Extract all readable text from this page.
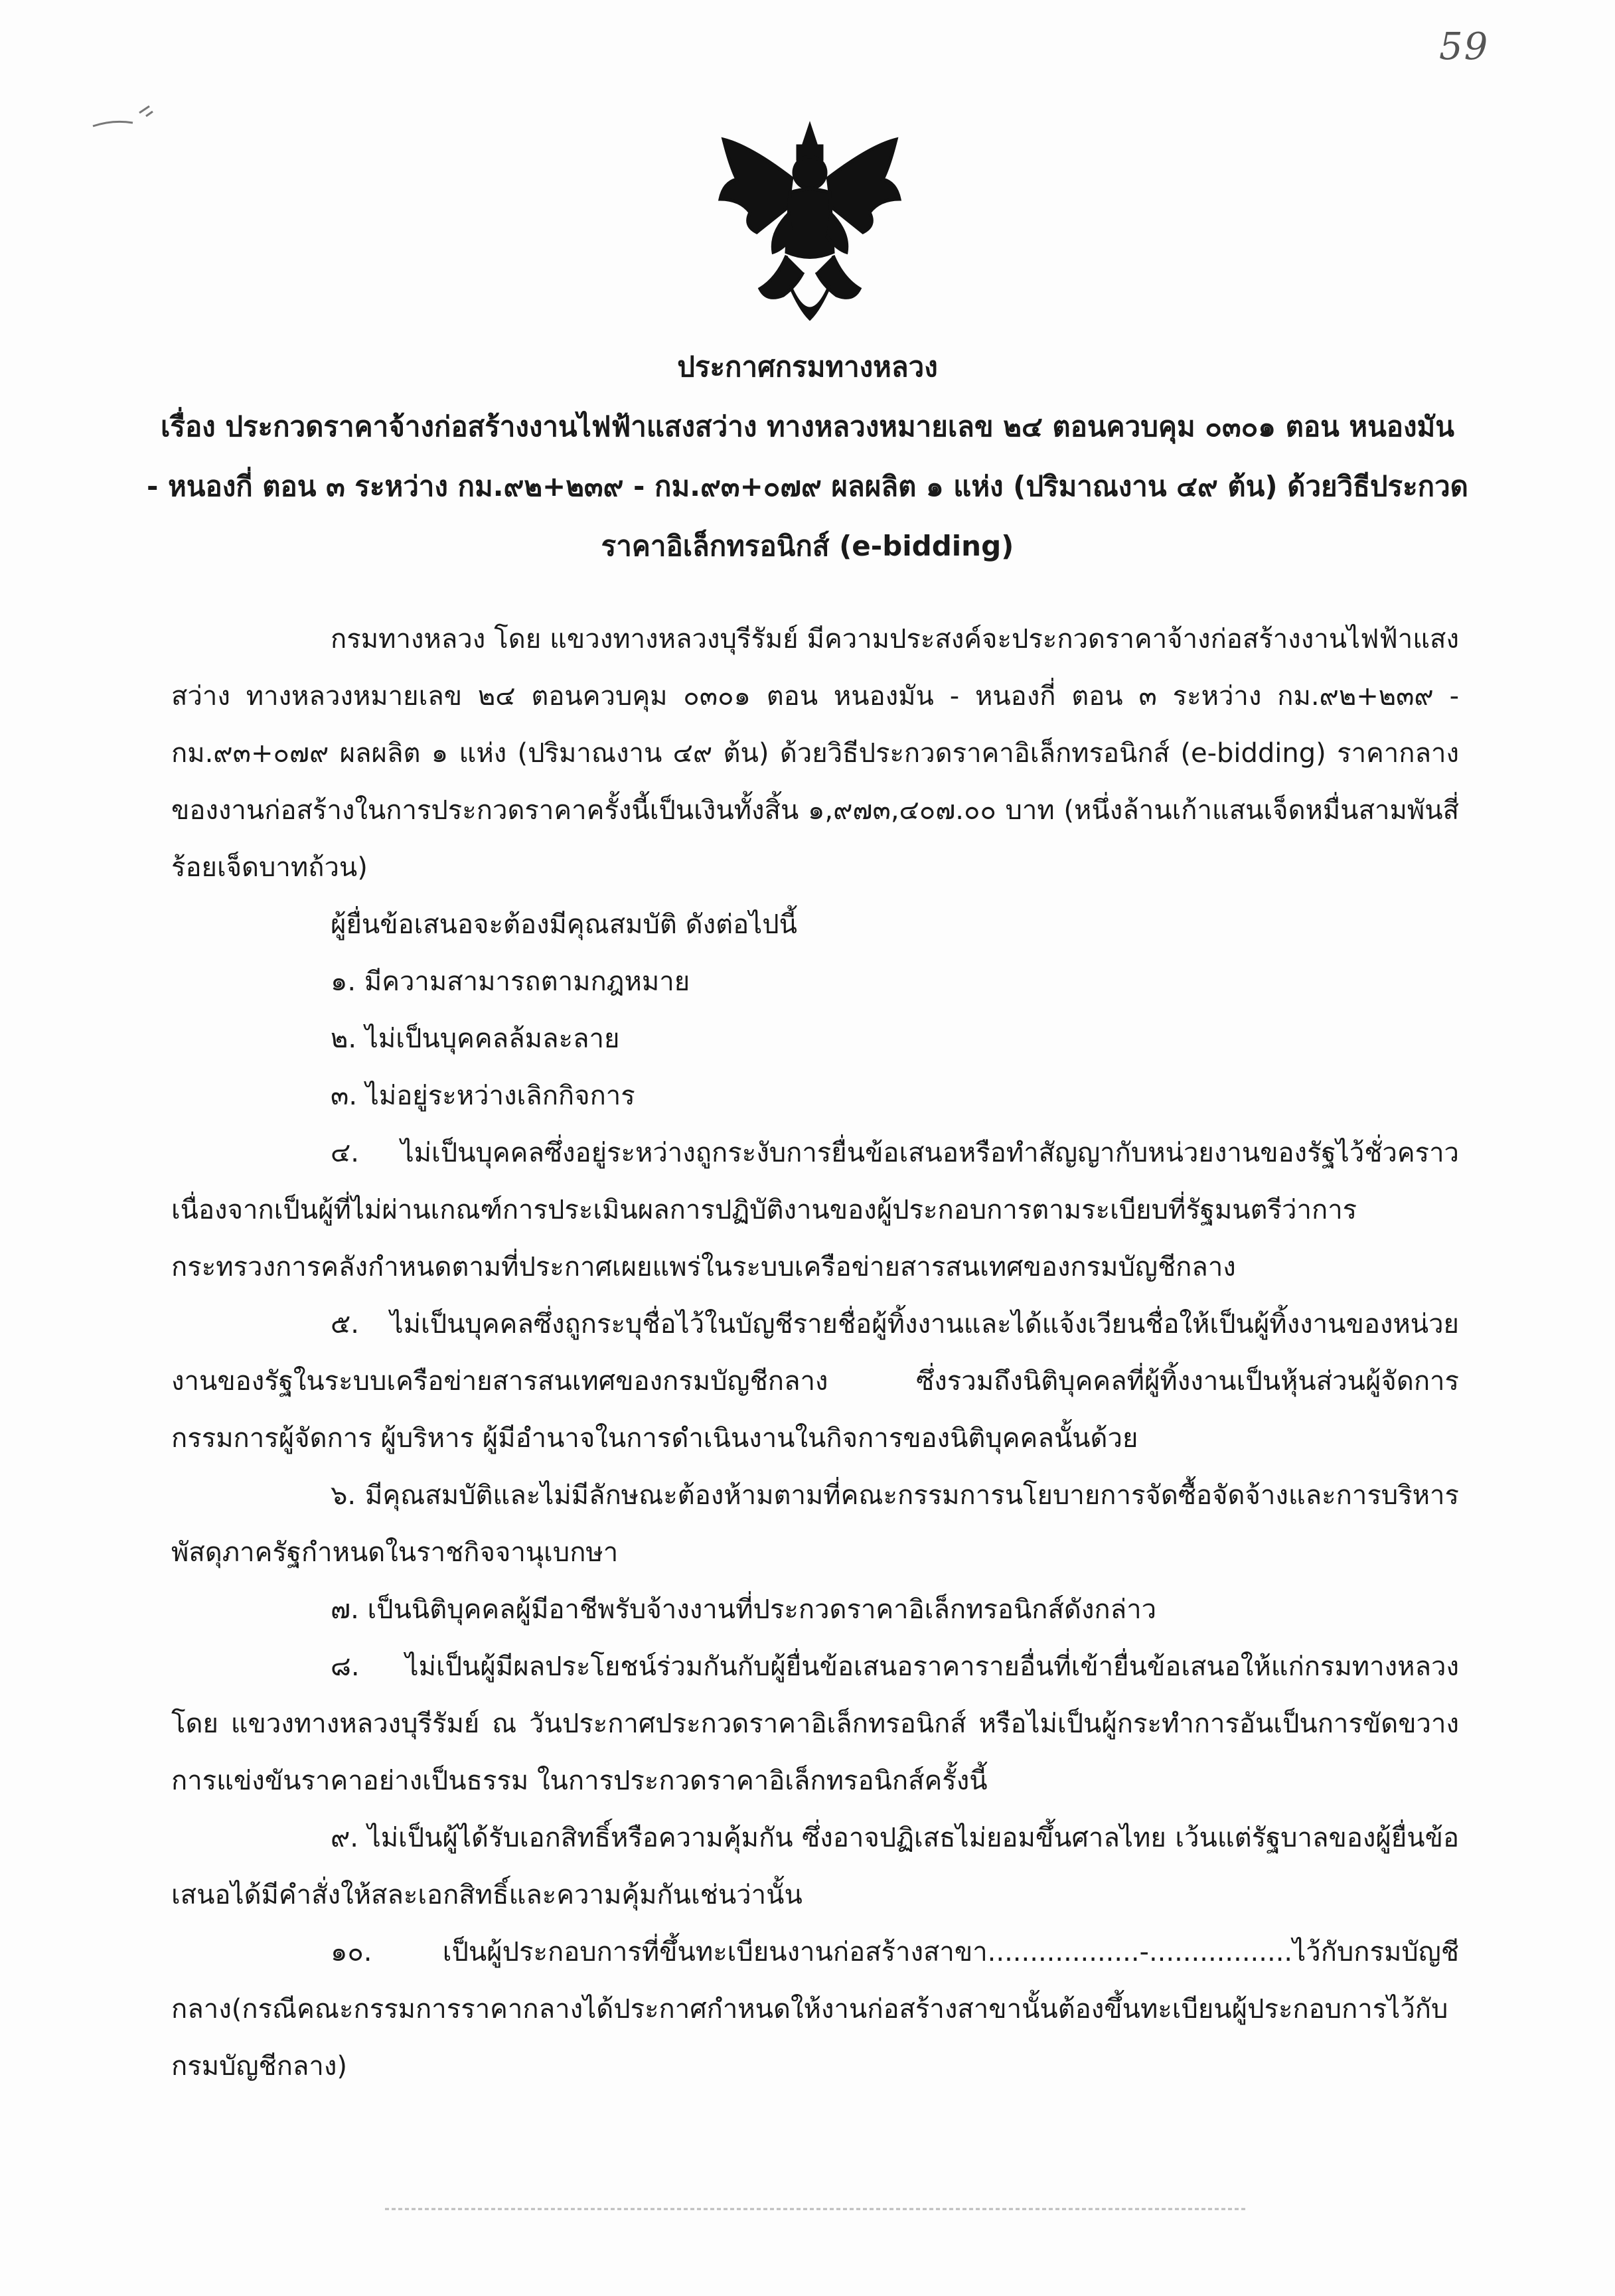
59
ประกาศกรมทางหลวง
เรื่อง ประกวดราคาจ้างก่อสร้างงานไฟฟ้าแสงสว่าง ทางหลวงหมายเลข ๒๔ ตอนควบคุม ๐๓๐๑ ตอน หนองมัน
- หนองกี่ ตอน ๓ ระหว่าง กม.๙๒+๒๓๙ - กม.๙๓+๐๗๙ ผลผลิต ๑ แห่ง (ปริมาณงาน ๔๙ ต้น) ด้วยวิธีประกวด
ราคาอิเล็กทรอนิกส์ (e-bidding)

กรมทางหลวง โดย แขวงทางหลวงบุรีรัมย์ มีความประสงค์จะประกวดราคาจ้างก่อสร้างงานไฟฟ้าแสงสว่าง ทางหลวงหมายเลข ๒๔ ตอนควบคุม ๐๓๐๑ ตอน หนองมัน - หนองกี่ ตอน ๓ ระหว่าง กม.๙๒+๒๓๙ - กม.๙๓+๐๗๙ ผลผลิต ๑ แห่ง (ปริมาณงาน ๔๙ ต้น) ด้วยวิธีประกวดราคาอิเล็กทรอนิกส์ (e-bidding) ราคากลางของงานก่อสร้างในการประกวดราคาครั้งนี้เป็นเงินทั้งสิ้น ๑,๙๗๓,๔๐๗.๐๐ บาท (หนึ่งล้านเก้าแสนเจ็ดหมื่นสามพันสี่ร้อยเจ็ดบาทถ้วน)

ผู้ยื่นข้อเสนอจะต้องมีคุณสมบัติ ดังต่อไปนี้

๑. มีความสามารถตามกฎหมาย

๒. ไม่เป็นบุคคลล้มละลาย

๓. ไม่อยู่ระหว่างเลิกกิจการ

๔. ไม่เป็นบุคคลซึ่งอยู่ระหว่างถูกระงับการยื่นข้อเสนอหรือทำสัญญากับหน่วยงานของรัฐไว้ชั่วคราว เนื่องจากเป็นผู้ที่ไม่ผ่านเกณฑ์การประเมินผลการปฏิบัติงานของผู้ประกอบการตามระเบียบที่รัฐมนตรีว่าการกระทรวงการคลังกำหนดตามที่ประกาศเผยแพร่ในระบบเครือข่ายสารสนเทศของกรมบัญชีกลาง

๕. ไม่เป็นบุคคลซึ่งถูกระบุชื่อไว้ในบัญชีรายชื่อผู้ทิ้งงานและได้แจ้งเวียนชื่อให้เป็นผู้ทิ้งงานของหน่วยงานของรัฐในระบบเครือข่ายสารสนเทศของกรมบัญชีกลาง ซึ่งรวมถึงนิติบุคคลที่ผู้ทิ้งงานเป็นหุ้นส่วนผู้จัดการ กรรมการผู้จัดการ ผู้บริหาร ผู้มีอำนาจในการดำเนินงานในกิจการของนิติบุคคลนั้นด้วย

๖. มีคุณสมบัติและไม่มีลักษณะต้องห้ามตามที่คณะกรรมการนโยบายการจัดซื้อจัดจ้างและการบริหารพัสดุภาครัฐกำหนดในราชกิจจานุเบกษา

๗. เป็นนิติบุคคลผู้มีอาชีพรับจ้างงานที่ประกวดราคาอิเล็กทรอนิกส์ดังกล่าว

๘. ไม่เป็นผู้มีผลประโยชน์ร่วมกันกับผู้ยื่นข้อเสนอราคารายอื่นที่เข้ายื่นข้อเสนอให้แก่กรมทางหลวง โดย แขวงทางหลวงบุรีรัมย์ ณ วันประกาศประกวดราคาอิเล็กทรอนิกส์ หรือไม่เป็นผู้กระทำการอันเป็นการขัดขวางการแข่งขันราคาอย่างเป็นธรรม ในการประกวดราคาอิเล็กทรอนิกส์ครั้งนี้

๙. ไม่เป็นผู้ได้รับเอกสิทธิ์หรือความคุ้มกัน ซึ่งอาจปฏิเสธไม่ยอมขึ้นศาลไทย เว้นแต่รัฐบาลของผู้ยื่นข้อเสนอได้มีคำสั่งให้สละเอกสิทธิ์และความคุ้มกันเช่นว่านั้น

๑๐. เป็นผู้ประกอบการที่ขึ้นทะเบียนงานก่อสร้างสาขา..................-.................ไว้กับกรมบัญชีกลาง(กรณีคณะกรรมการราคากลางได้ประกาศกำหนดให้งานก่อสร้างสาขานั้นต้องขึ้นทะเบียนผู้ประกอบการไว้กับกรมบัญชีกลาง)
